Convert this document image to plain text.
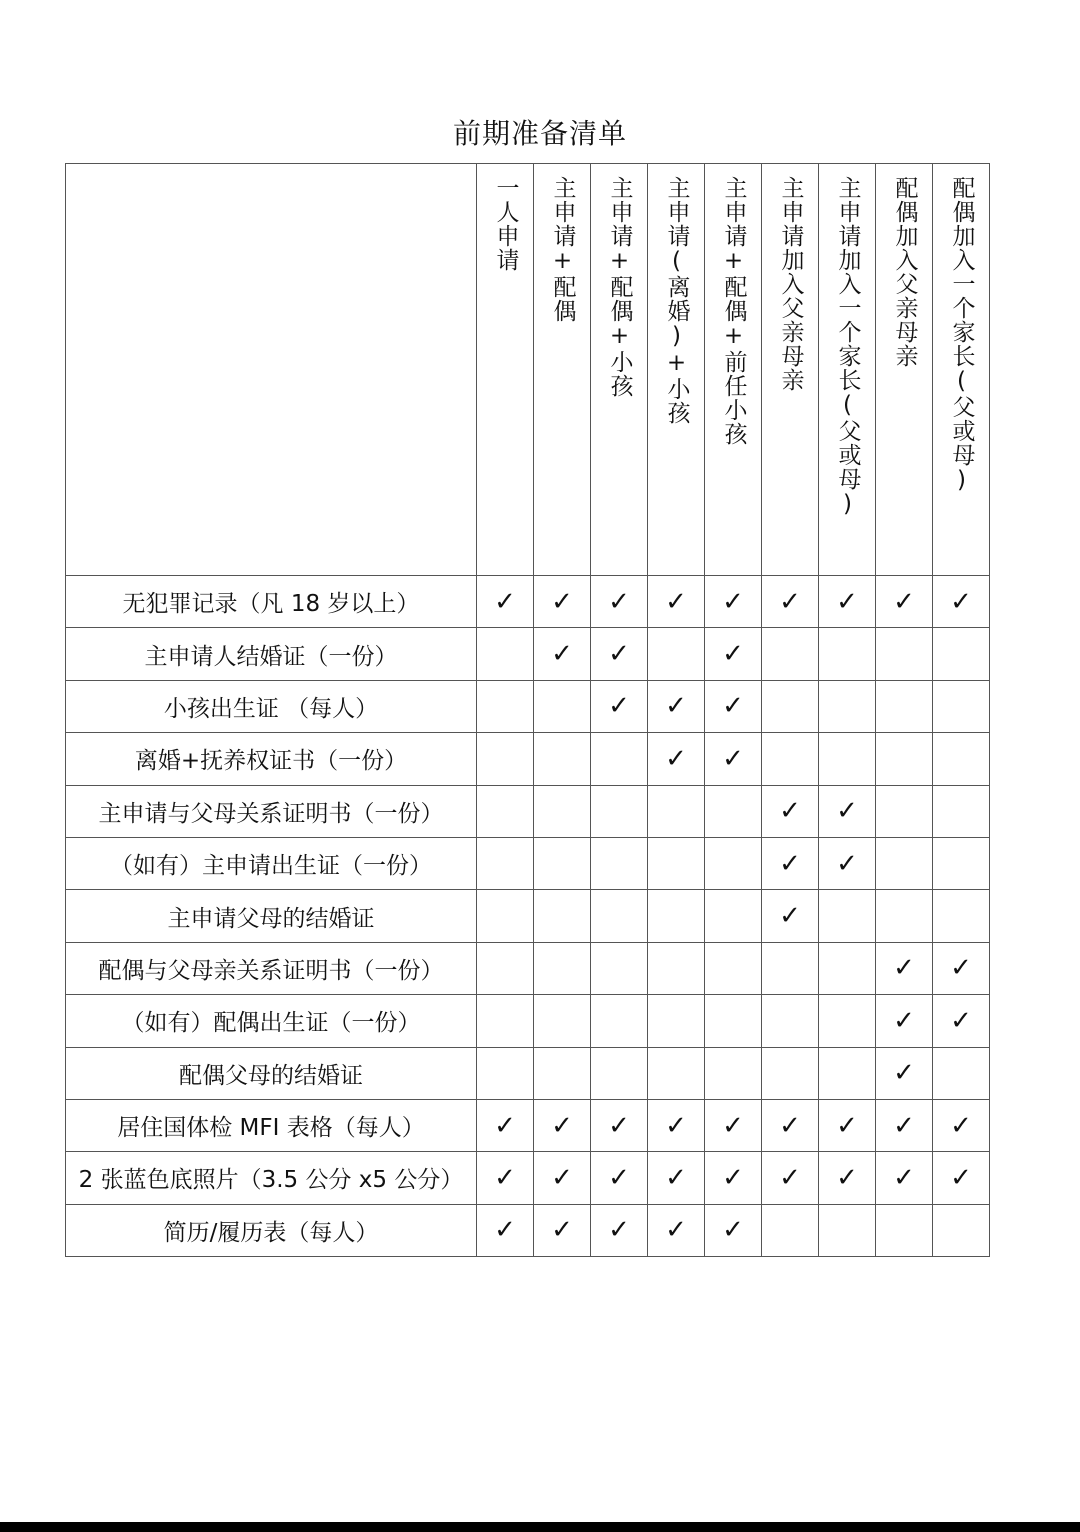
前期准备清单
	一人申请	主申请+配偶	主申请+配偶+小孩	主申请(离婚)+小孩	主申请+配偶+前任小孩	主申请加入父亲母亲	主申请加入一个家长(父或母)	配偶加入父亲母亲	配偶加入一个家长(父或母)
无犯罪记录（凡 18 岁以上）	✓	✓	✓	✓	✓	✓	✓	✓	✓
主申请人结婚证（一份）		✓	✓		✓				
小孩出生证 （每人）			✓	✓	✓				
离婚+抚养权证书（一份）				✓	✓				
主申请与父母关系证明书（一份）						✓	✓		
（如有）主申请出生证（一份）						✓	✓		
主申请父母的结婚证						✓			
配偶与父母亲关系证明书（一份）								✓	✓
（如有）配偶出生证（一份）								✓	✓
配偶父母的结婚证								✓	
居住国体检 MFI 表格（每人）	✓	✓	✓	✓	✓	✓	✓	✓	✓
2 张蓝色底照片（3.5 公分 x5 公分）	✓	✓	✓	✓	✓	✓	✓	✓	✓
简历/履历表（每人）	✓	✓	✓	✓	✓				
